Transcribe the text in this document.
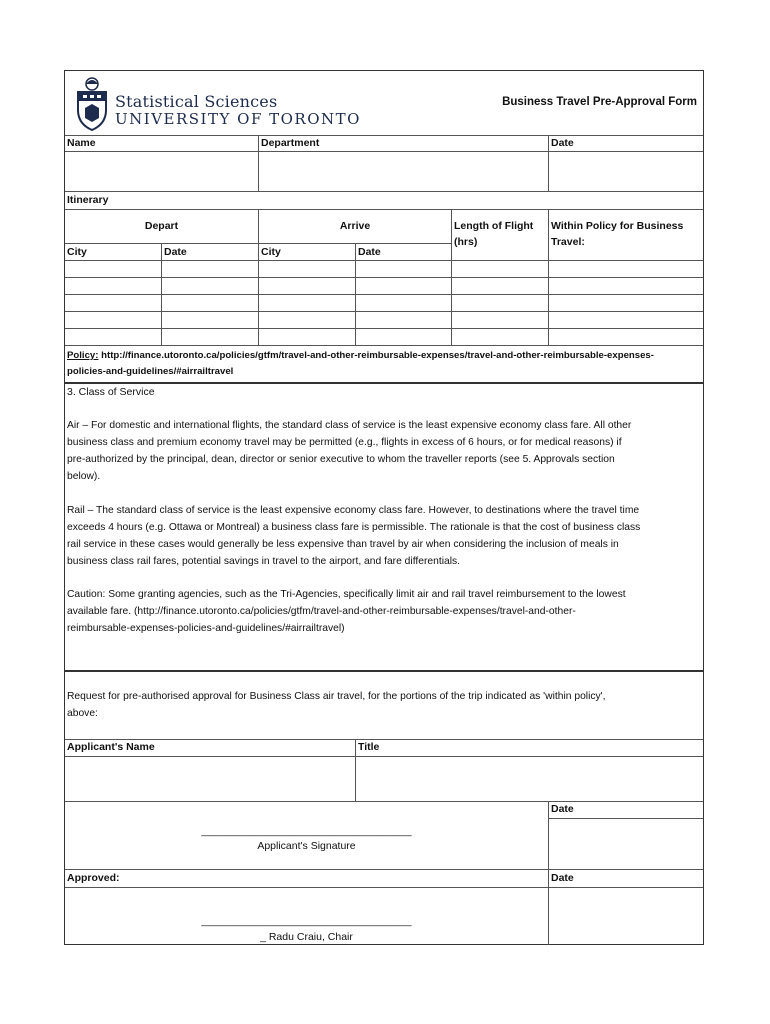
Statistical Sciences
UNIVERSITY OF TORONTO
Business Travel Pre-Approval Form
Name	Department	Date
Itinerary
Depart	Arrive	Length of Flight
(hrs)
Within Policy for Business
Travel:
City	Date	City	Date
Policy: http://finance.utoronto.ca/policies/gtfm/travel-and-other-reimbursable-expenses/travel-and-other-reimbursable-expenses-
policies-and-guidelines/#airrailtravel
3. Class of Service
Air – For domestic and international flights, the standard class of service is the least expensive economy class fare. All other
business class and premium economy travel may be permitted (e.g., flights in excess of 6 hours, or for medical reasons) if
pre-authorized by the principal, dean, director or senior executive to whom the traveller reports (see 5. Approvals section
below).
Rail – The standard class of service is the least expensive economy class fare. However, to destinations where the travel time
exceeds 4 hours (e.g. Ottawa or Montreal) a business class fare is permissible. The rationale is that the cost of business class
rail service in these cases would generally be less expensive than travel by air when considering the inclusion of meals in
business class rail fares, potential savings in travel to the airport, and fare differentials.
Caution: Some granting agencies, such as the Tri-Agencies, specifically limit air and rail travel reimbursement to the lowest
available fare. (http://finance.utoronto.ca/policies/gtfm/travel-and-other-reimbursable-expenses/travel-and-other-
reimbursable-expenses-policies-and-guidelines/#airrailtravel)
Request for pre-authorised approval for Business Class air travel, for the portions of the trip indicated as 'within policy',
above:
Applicant's Name	Title
Date
____________________________________
Applicant's Signature
Approved:	Date
____________________________________
_ Radu Craiu, Chair
